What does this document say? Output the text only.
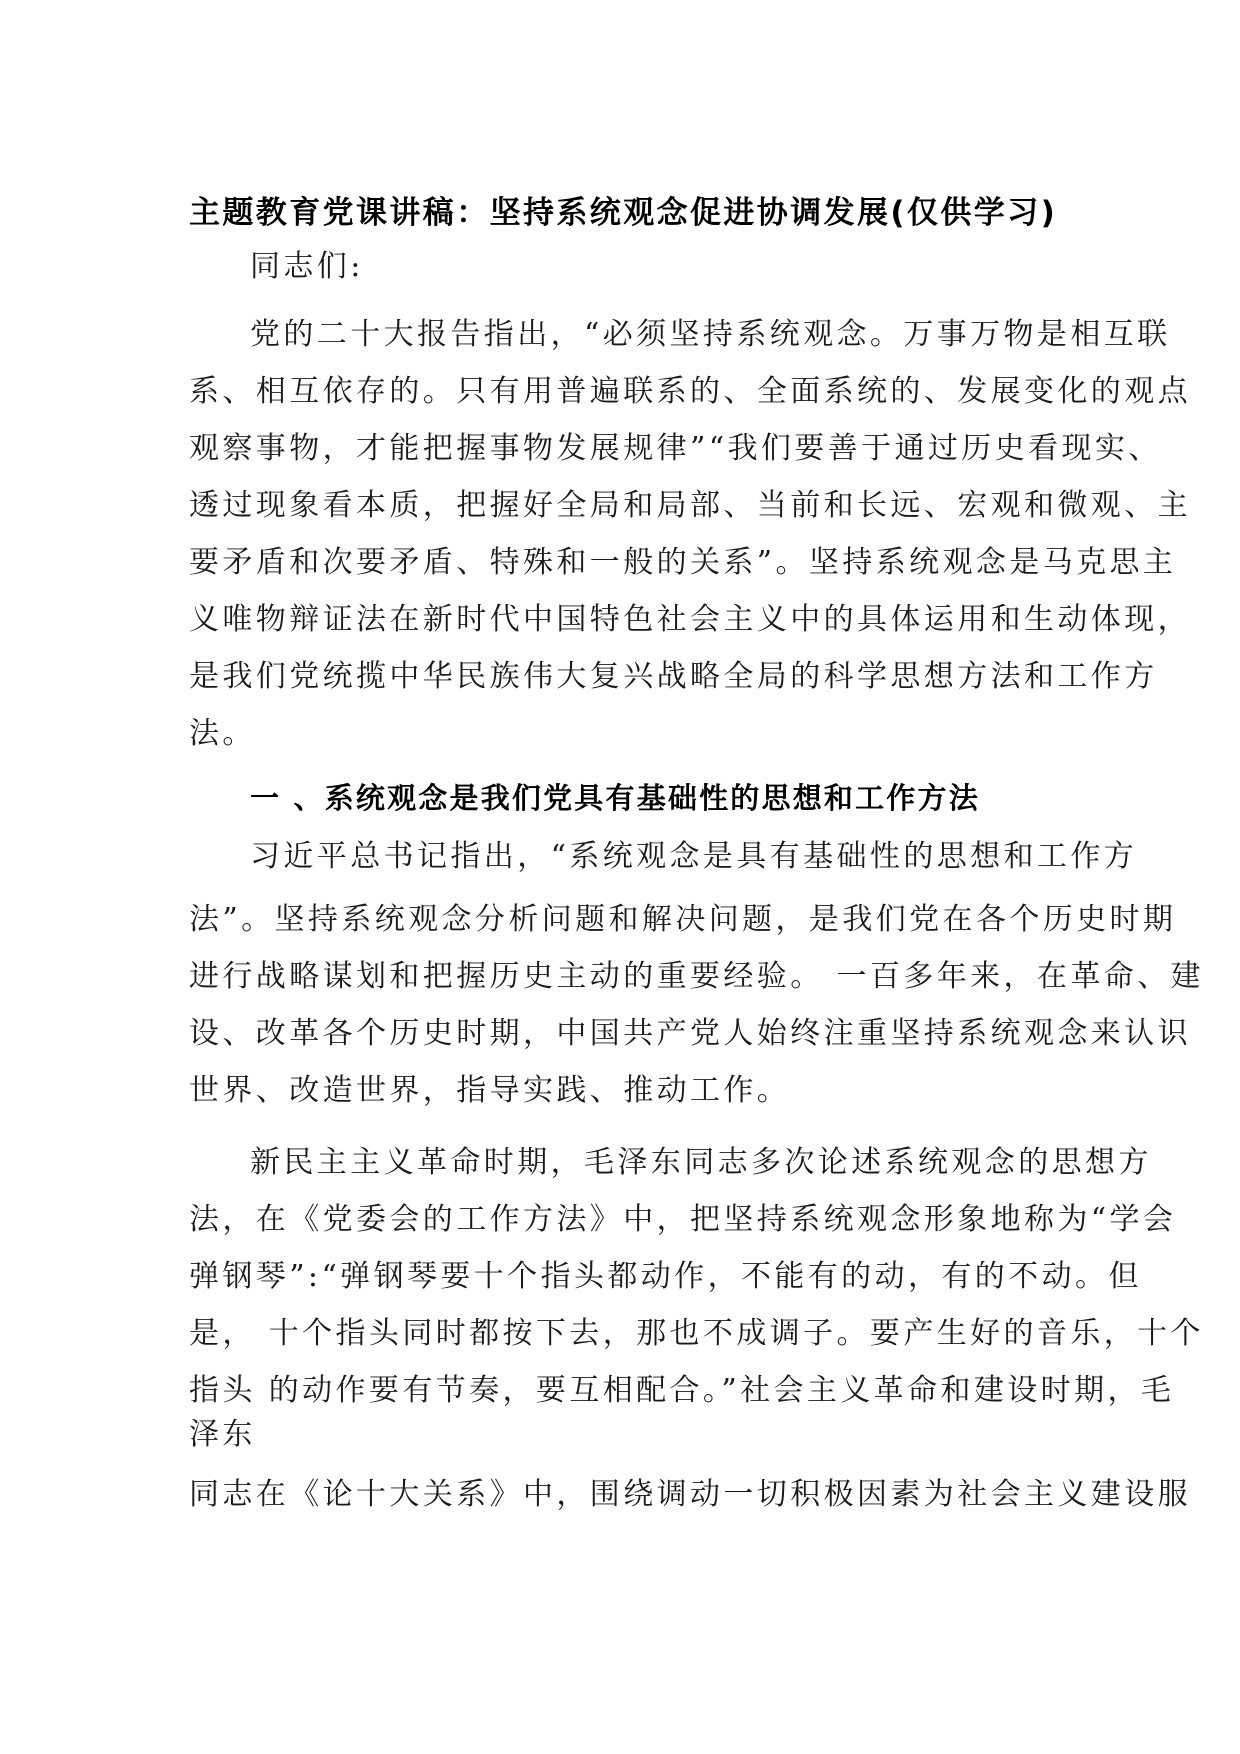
主题教育党课讲稿：坚持系统观念促进协调发展(仅供学习)
同志们:
党的二十大报告指出，“必须坚持系统观念。万事万物是相互联
系、相互依存的。只有用普遍联系的、全面系统的、发展变化的观点
观察事物，才能把握事物发展规律”“我们要善于通过历史看现实、
透过现象看本质，把握好全局和局部、当前和长远、宏观和微观、主
要矛盾和次要矛盾、特殊和一般的关系”。坚持系统观念是马克思主
义唯物辩证法在新时代中国特色社会主义中的具体运用和生动体现，
是我们党统揽中华民族伟大复兴战略全局的科学思想方法和工作方
法。
一 、系统观念是我们党具有基础性的思想和工作方法
习近平总书记指出，“系统观念是具有基础性的思想和工作方
法”。坚持系统观念分析问题和解决问题，是我们党在各个历史时期
进行战略谋划和把握历史主动的重要经验。 一百多年来，在革命、建
设、改革各个历史时期，中国共产党人始终注重坚持系统观念来认识
世界、改造世界，指导实践、推动工作。
新民主主义革命时期，毛泽东同志多次论述系统观念的思想方
法，在《党委会的工作方法》中，把坚持系统观念形象地称为“学会
弹钢琴”:“弹钢琴要十个指头都动作，不能有的动，有的不动。但
是， 十个指头同时都按下去，那也不成调子。要产生好的音乐，十个
指头 的动作要有节奏，要互相配合。”社会主义革命和建设时期，毛
泽东
同志在《论十大关系》中，围绕调动一切积极因素为社会主义建设服
